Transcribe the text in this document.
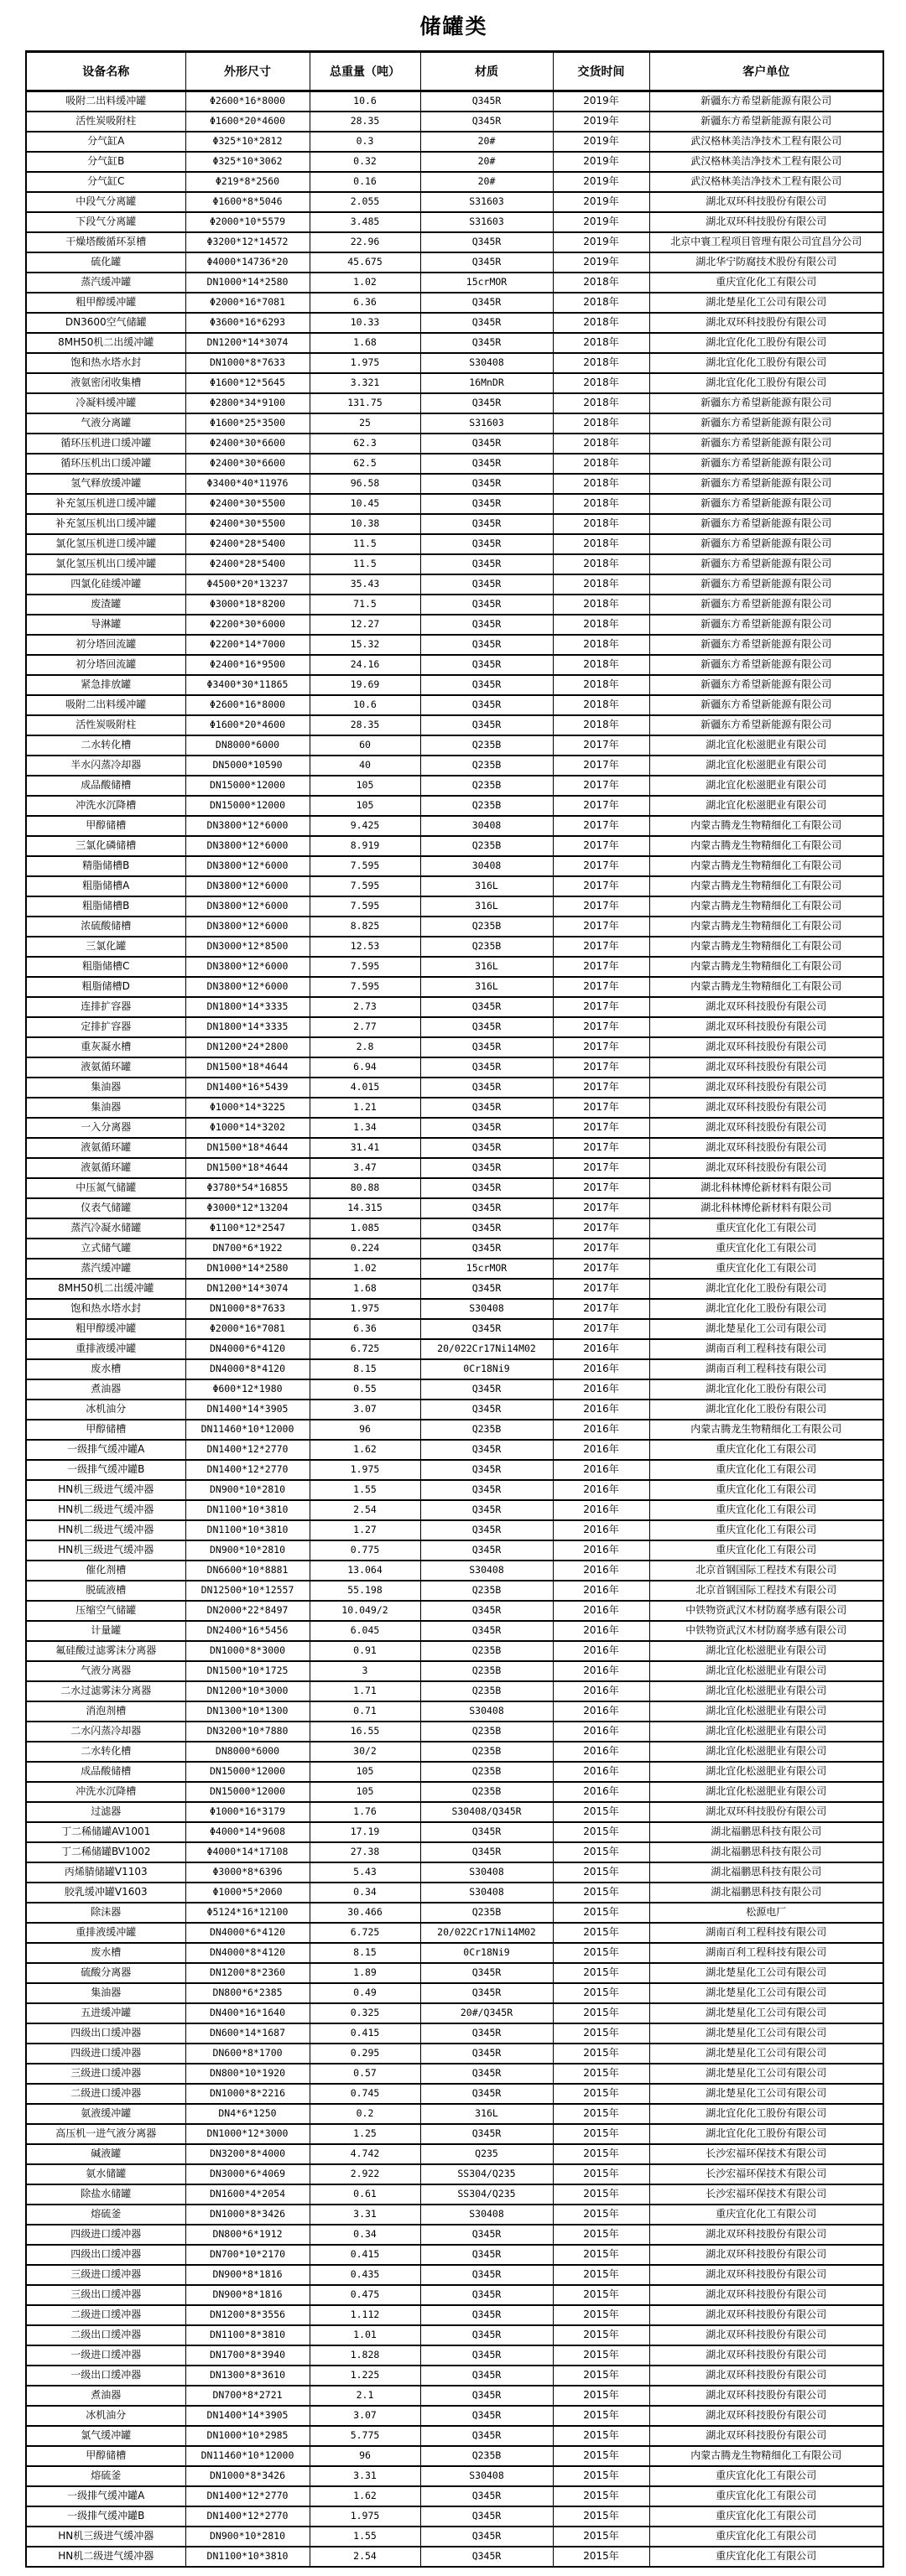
储罐类
设备名称	外形尺寸	总重量（吨）	材质	交货时间	客户单位
吸附二出料缓冲罐	Φ2600*16*8000	10.6	Q345R	2019年	新疆东方希望新能源有限公司
活性炭吸附柱	Φ1600*20*4600	28.35	Q345R	2019年	新疆东方希望新能源有限公司
分气缸A	Φ325*10*2812	0.3	20#	2019年	武汉格林美洁净技术工程有限公司
分气缸B	Φ325*10*3062	0.32	20#	2019年	武汉格林美洁净技术工程有限公司
分气缸C	Φ219*8*2560	0.16	20#	2019年	武汉格林美洁净技术工程有限公司
中段气分离罐	Φ1600*8*5046	2.055	S31603	2019年	湖北双环科技股份有限公司
下段气分离罐	Φ2000*10*5579	3.485	S31603	2019年	湖北双环科技股份有限公司
干燥塔酸循环泵槽	Φ3200*12*14572	22.96	Q345R	2019年	北京中寰工程项目管理有限公司宜昌分公司
硫化罐	Φ4000*14736*20	45.675	Q345R	2019年	湖北华宁防腐技术股份有限公司
蒸汽缓冲罐	DN1000*14*2580	1.02	15crMOR	2018年	重庆宜化化工有限公司
粗甲醇缓冲罐	Φ2000*16*7081	6.36	Q345R	2018年	湖北楚星化工公司有限公司
DN3600空气储罐	Φ3600*16*6293	10.33	Q345R	2018年	湖北双环科技股份有限公司
8MH50机二出缓冲罐	DN1200*14*3074	1.68	Q345R	2018年	湖北宜化化工股份有限公司
饱和热水塔水封	DN1000*8*7633	1.975	S30408	2018年	湖北宜化化工股份有限公司
液氨密闭收集槽	Φ1600*12*5645	3.321	16MnDR	2018年	湖北宜化化工股份有限公司
冷凝料缓冲罐	Φ2800*34*9100	131.75	Q345R	2018年	新疆东方希望新能源有限公司
气液分离罐	Φ1600*25*3500	25	S31603	2018年	新疆东方希望新能源有限公司
循环压机进口缓冲罐	Φ2400*30*6600	62.3	Q345R	2018年	新疆东方希望新能源有限公司
循环压机出口缓冲罐	Φ2400*30*6600	62.5	Q345R	2018年	新疆东方希望新能源有限公司
氢气释放缓冲罐	Φ3400*40*11976	96.58	Q345R	2018年	新疆东方希望新能源有限公司
补充氢压机进口缓冲罐	Φ2400*30*5500	10.45	Q345R	2018年	新疆东方希望新能源有限公司
补充氢压机出口缓冲罐	Φ2400*30*5500	10.38	Q345R	2018年	新疆东方希望新能源有限公司
氯化氢压机进口缓冲罐	Φ2400*28*5400	11.5	Q345R	2018年	新疆东方希望新能源有限公司
氯化氢压机出口缓冲罐	Φ2400*28*5400	11.5	Q345R	2018年	新疆东方希望新能源有限公司
四氯化硅缓冲罐	Φ4500*20*13237	35.43	Q345R	2018年	新疆东方希望新能源有限公司
废渣罐	Φ3000*18*8200	71.5	Q345R	2018年	新疆东方希望新能源有限公司
导淋罐	Φ2200*30*6000	12.27	Q345R	2018年	新疆东方希望新能源有限公司
初分塔回流罐	Φ2200*14*7000	15.32	Q345R	2018年	新疆东方希望新能源有限公司
初分塔回流罐	Φ2400*16*9500	24.16	Q345R	2018年	新疆东方希望新能源有限公司
紧急排放罐	Φ3400*30*11865	19.69	Q345R	2018年	新疆东方希望新能源有限公司
吸附二出料缓冲罐	Φ2600*16*8000	10.6	Q345R	2018年	新疆东方希望新能源有限公司
活性炭吸附柱	Φ1600*20*4600	28.35	Q345R	2018年	新疆东方希望新能源有限公司
二水转化槽	DN8000*6000	60	Q235B	2017年	湖北宜化松滋肥业有限公司
半水闪蒸冷却器	DN5000*10590	40	Q235B	2017年	湖北宜化松滋肥业有限公司
成品酸储槽	DN15000*12000	105	Q235B	2017年	湖北宜化松滋肥业有限公司
冲洗水沉降槽	DN15000*12000	105	Q235B	2017年	湖北宜化松滋肥业有限公司
甲醇储槽	DN3800*12*6000	9.425	30408	2017年	内蒙古腾龙生物精细化工有限公司
三氯化磷储槽	DN3800*12*6000	8.919	Q235B	2017年	内蒙古腾龙生物精细化工有限公司
精脂储槽B	DN3800*12*6000	7.595	30408	2017年	内蒙古腾龙生物精细化工有限公司
粗脂储槽A	DN3800*12*6000	7.595	316L	2017年	内蒙古腾龙生物精细化工有限公司
粗脂储槽B	DN3800*12*6000	7.595	316L	2017年	内蒙古腾龙生物精细化工有限公司
浓硫酸储槽	DN3800*12*6000	8.825	Q235B	2017年	内蒙古腾龙生物精细化工有限公司
三氯化罐	DN3000*12*8500	12.53	Q235B	2017年	内蒙古腾龙生物精细化工有限公司
粗脂储槽C	DN3800*12*6000	7.595	316L	2017年	内蒙古腾龙生物精细化工有限公司
粗脂储槽D	DN3800*12*6000	7.595	316L	2017年	内蒙古腾龙生物精细化工有限公司
连排扩容器	DN1800*14*3335	2.73	Q345R	2017年	湖北双环科技股份有限公司
定排扩容器	DN1800*14*3335	2.77	Q345R	2017年	湖北双环科技股份有限公司
重灰凝水槽	DN1200*24*2800	2.8	Q345R	2017年	湖北双环科技股份有限公司
液氨循环罐	DN1500*18*4644	6.94	Q345R	2017年	湖北双环科技股份有限公司
集油器	DN1400*16*5439	4.015	Q345R	2017年	湖北双环科技股份有限公司
集油器	Φ1000*14*3225	1.21	Q345R	2017年	湖北双环科技股份有限公司
一入分离器	Φ1000*14*3202	1.34	Q345R	2017年	湖北双环科技股份有限公司
液氨循环罐	DN1500*18*4644	31.41	Q345R	2017年	湖北双环科技股份有限公司
液氨循环罐	DN1500*18*4644	3.47	Q345R	2017年	湖北双环科技股份有限公司
中压氮气储罐	Φ3780*54*16855	80.88	Q345R	2017年	湖北科林博伦新材料有限公司
仪表气储罐	Φ3000*12*13204	14.315	Q345R	2017年	湖北科林博伦新材料有限公司
蒸汽冷凝水储罐	Φ1100*12*2547	1.085	Q345R	2017年	重庆宜化化工有限公司
立式储气罐	DN700*6*1922	0.224	Q345R	2017年	重庆宜化化工有限公司
蒸汽缓冲罐	DN1000*14*2580	1.02	15crMOR	2017年	重庆宜化化工有限公司
8MH50机二出缓冲罐	DN1200*14*3074	1.68	Q345R	2017年	湖北宜化化工股份有限公司
饱和热水塔水封	DN1000*8*7633	1.975	S30408	2017年	湖北宜化化工股份有限公司
粗甲醇缓冲罐	Φ2000*16*7081	6.36	Q345R	2017年	湖北楚星化工公司有限公司
重排液缓冲罐	DN4000*6*4120	6.725	20/022Cr17Ni14M02	2016年	湖南百利工程科技有限公司
废水槽	DN4000*8*4120	8.15	0Cr18Ni9	2016年	湖南百利工程科技有限公司
煮油器	Φ600*12*1980	0.55	Q345R	2016年	湖北宜化化工股份有限公司
冰机油分	DN1400*14*3905	3.07	Q345R	2016年	湖北宜化化工股份有限公司
甲醇储槽	DN11460*10*12000	96	Q235B	2016年	内蒙古腾龙生物精细化工有限公司
一级排气缓冲罐A	DN1400*12*2770	1.62	Q345R	2016年	重庆宜化化工有限公司
一级排气缓冲罐B	DN1400*12*2770	1.975	Q345R	2016年	重庆宜化化工有限公司
HN机三级进气缓冲器	DN900*10*2810	1.55	Q345R	2016年	重庆宜化化工有限公司
HN机二级进气缓冲器	DN1100*10*3810	2.54	Q345R	2016年	重庆宜化化工有限公司
HN机二级进气缓冲器	DN1100*10*3810	1.27	Q345R	2016年	重庆宜化化工有限公司
HN机三级进气缓冲器	DN900*10*2810	0.775	Q345R	2016年	重庆宜化化工有限公司
催化剂槽	DN6600*10*8881	13.064	S30408	2016年	北京首钢国际工程技术有限公司
脱硫液槽	DN12500*10*12557	55.198	Q235B	2016年	北京首钢国际工程技术有限公司
压缩空气储罐	DN2000*22*8497	10.049/2	Q345R	2016年	中铁物资武汉木材防腐孝感有限公司
计量罐	DN2400*16*5456	6.045	Q345R	2016年	中铁物资武汉木材防腐孝感有限公司
氟硅酸过滤雾沫分离器	DN1000*8*3000	0.91	Q235B	2016年	湖北宜化松滋肥业有限公司
气液分离器	DN1500*10*1725	3	Q235B	2016年	湖北宜化松滋肥业有限公司
二水过滤雾沫分离器	DN1200*10*3000	1.71	Q235B	2016年	湖北宜化松滋肥业有限公司
消泡剂槽	DN1300*10*1300	0.71	S30408	2016年	湖北宜化松滋肥业有限公司
二水闪蒸冷却器	DN3200*10*7880	16.55	Q235B	2016年	湖北宜化松滋肥业有限公司
二水转化槽	DN8000*6000	30/2	Q235B	2016年	湖北宜化松滋肥业有限公司
成品酸储槽	DN15000*12000	105	Q235B	2016年	湖北宜化松滋肥业有限公司
冲洗水沉降槽	DN15000*12000	105	Q235B	2016年	湖北宜化松滋肥业有限公司
过滤器	Φ1000*16*3179	1.76	S30408/Q345R	2015年	湖北双环科技股份有限公司
丁二稀储罐AV1001	Φ4000*14*9608	17.19	Q345R	2015年	湖北福鹏思科技有限公司
丁二稀储罐BV1002	Φ4000*14*17108	27.38	Q345R	2015年	湖北福鹏思科技有限公司
丙烯腈储罐V1103	Φ3000*8*6396	5.43	S30408	2015年	湖北福鹏思科技有限公司
胶乳缓冲罐V1603	Φ1000*5*2060	0.34	S30408	2015年	湖北福鹏思科技有限公司
除沫器	Φ5124*16*12100	30.466	Q235B	2015年	松源电厂
重排液缓冲罐	DN4000*6*4120	6.725	20/022Cr17Ni14M02	2015年	湖南百利工程科技有限公司
废水槽	DN4000*8*4120	8.15	0Cr18Ni9	2015年	湖南百利工程科技有限公司
硫酸分离器	DN1200*8*2360	1.89	Q345R	2015年	湖北楚星化工公司有限公司
集油器	DN800*6*2385	0.49	Q345R	2015年	湖北楚星化工公司有限公司
五进缓冲罐	DN400*16*1640	0.325	20#/Q345R	2015年	湖北楚星化工公司有限公司
四级出口缓冲器	DN600*14*1687	0.415	Q345R	2015年	湖北楚星化工公司有限公司
四级进口缓冲器	DN600*8*1700	0.295	Q345R	2015年	湖北楚星化工公司有限公司
三级进口缓冲器	DN800*10*1920	0.57	Q345R	2015年	湖北楚星化工公司有限公司
二级进口缓冲器	DN1000*8*2216	0.745	Q345R	2015年	湖北楚星化工公司有限公司
氨液缓冲罐	DN4*6*1250	0.2	316L	2015年	湖北宜化化工股份有限公司
高压机一进气液分离器	DN1000*12*3000	1.25	Q345R	2015年	湖北宜化化工股份有限公司
碱液罐	DN3200*8*4000	4.742	Q235	2015年	长沙宏福环保技术有限公司
氨水储罐	DN3000*6*4069	2.922	SS304/Q235	2015年	长沙宏福环保技术有限公司
除盐水储罐	DN1600*4*2054	0.61	SS304/Q235	2015年	长沙宏福环保技术有限公司
熔硫釜	DN1000*8*3426	3.31	S30408	2015年	重庆宜化化工有限公司
四级进口缓冲器	DN800*6*1912	0.34	Q345R	2015年	湖北双环科技股份有限公司
四级出口缓冲器	DN700*10*2170	0.415	Q345R	2015年	湖北双环科技股份有限公司
三级进口缓冲器	DN900*8*1816	0.435	Q345R	2015年	湖北双环科技股份有限公司
三级出口缓冲器	DN900*8*1816	0.475	Q345R	2015年	湖北双环科技股份有限公司
二级进口缓冲器	DN1200*8*3556	1.112	Q345R	2015年	湖北双环科技股份有限公司
二级出口缓冲器	DN1100*8*3810	1.01	Q345R	2015年	湖北双环科技股份有限公司
一级进口缓冲器	DN1700*8*3940	1.828	Q345R	2015年	湖北双环科技股份有限公司
一级出口缓冲器	DN1300*8*3610	1.225	Q345R	2015年	湖北双环科技股份有限公司
煮油器	DN700*8*2721	2.1	Q345R	2015年	湖北双环科技股份有限公司
冰机油分	DN1400*14*3905	3.07	Q345R	2015年	湖北双环科技股份有限公司
氯气缓冲罐	DN1000*10*2985	5.775	Q345R	2015年	湖北双环科技股份有限公司
甲醇储槽	DN11460*10*12000	96	Q235B	2015年	内蒙古腾龙生物精细化工有限公司
熔硫釜	DN1000*8*3426	3.31	S30408	2015年	重庆宜化化工有限公司
一级排气缓冲罐A	DN1400*12*2770	1.62	Q345R	2015年	重庆宜化化工有限公司
一级排气缓冲罐B	DN1400*12*2770	1.975	Q345R	2015年	重庆宜化化工有限公司
HN机三级进气缓冲器	DN900*10*2810	1.55	Q345R	2015年	重庆宜化化工有限公司
HN机二级进气缓冲器	DN1100*10*3810	2.54	Q345R	2015年	重庆宜化化工有限公司
